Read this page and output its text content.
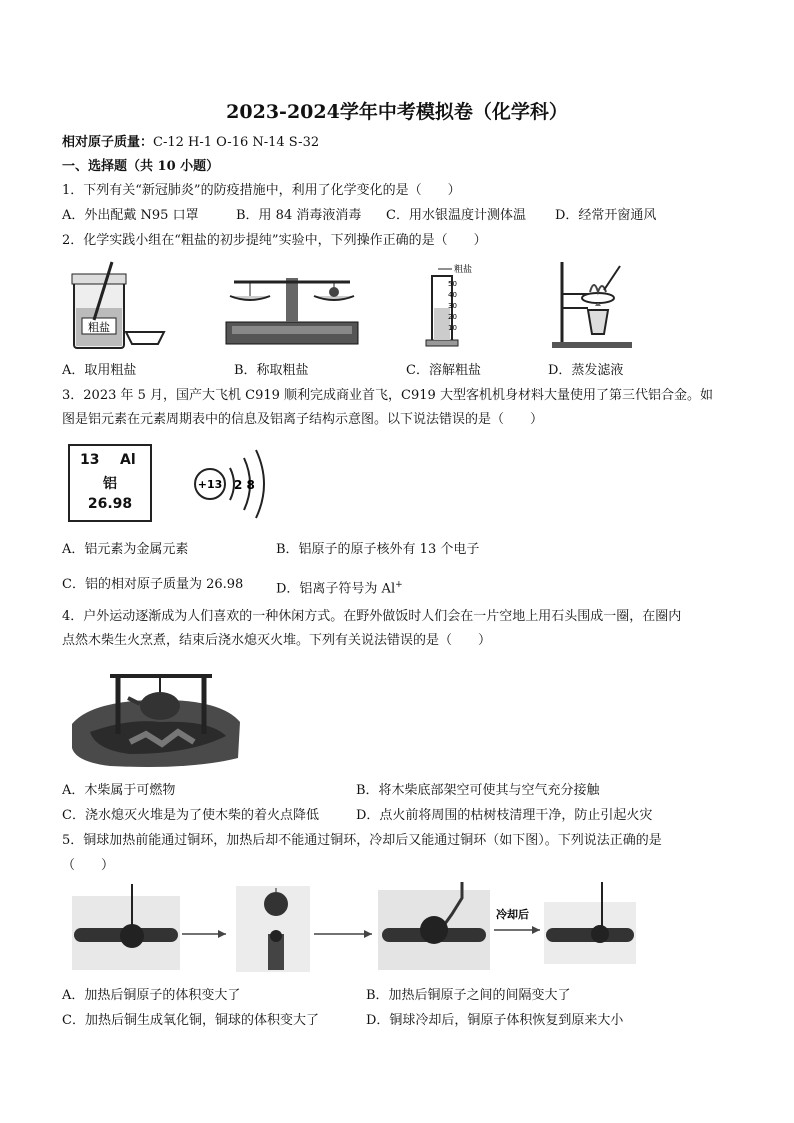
2023-2024学年中考模拟卷（化学科）
相对原子质量：C-12 H-1 O-16 N-14 S-32
一、选择题（共 10 小题）
1．下列有关“新冠肺炎”的防疫措施中，利用了化学变化的是（　　）
A．外出配戴 N95 口罩	B．用 84 消毒液消毒 C．用水银温度计测体温 D．经常开窗通风
2．化学实践小组在“粗盐的初步提纯”实验中，下列操作正确的是（　　）
粗盐
50
40
30
20
10
粗盐
A．取用粗盐	B．称取粗盐	C．溶解粗盐	D．蒸发滤液
3．2023 年 5 月，国产大飞机 C919 顺利完成商业首飞，C919 大型客机机身材料大量使用了第三代铝合金。如
图是铝元素在元素周期表中的信息及铝离子结构示意图。以下说法错误的是（　　）
13 Al
铝
26.98
+13 2 8
A．铝元素为金属元素	B．铝原子的原子核外有 13 个电子
C．铝的相对原子质量为 26.98	D．铝离子符号为 Al+
4．户外运动逐渐成为人们喜欢的一种休闲方式。在野外做饭时人们会在一片空地上用石头围成一圈，在圈内
点然木柴生火烹煮，结束后浇水熄灭火堆。下列有关说法错误的是（　　）
A．木柴属于可燃物	B．将木柴底部架空可使其与空气充分接触
C．浇水熄灭火堆是为了使木柴的着火点降低	D．点火前将周围的枯树枝清理干净，防止引起火灾
5．铜球加热前能通过铜环，加热后却不能通过铜环，冷却后又能通过铜环（如下图）。下列说法正确的是
（　　）
冷却后
A．加热后铜原子的体积变大了	B．加热后铜原子之间的间隔变大了
C．加热后铜生成氧化铜，铜球的体积变大了	D．铜球冷却后，铜原子体积恢复到原来大小
